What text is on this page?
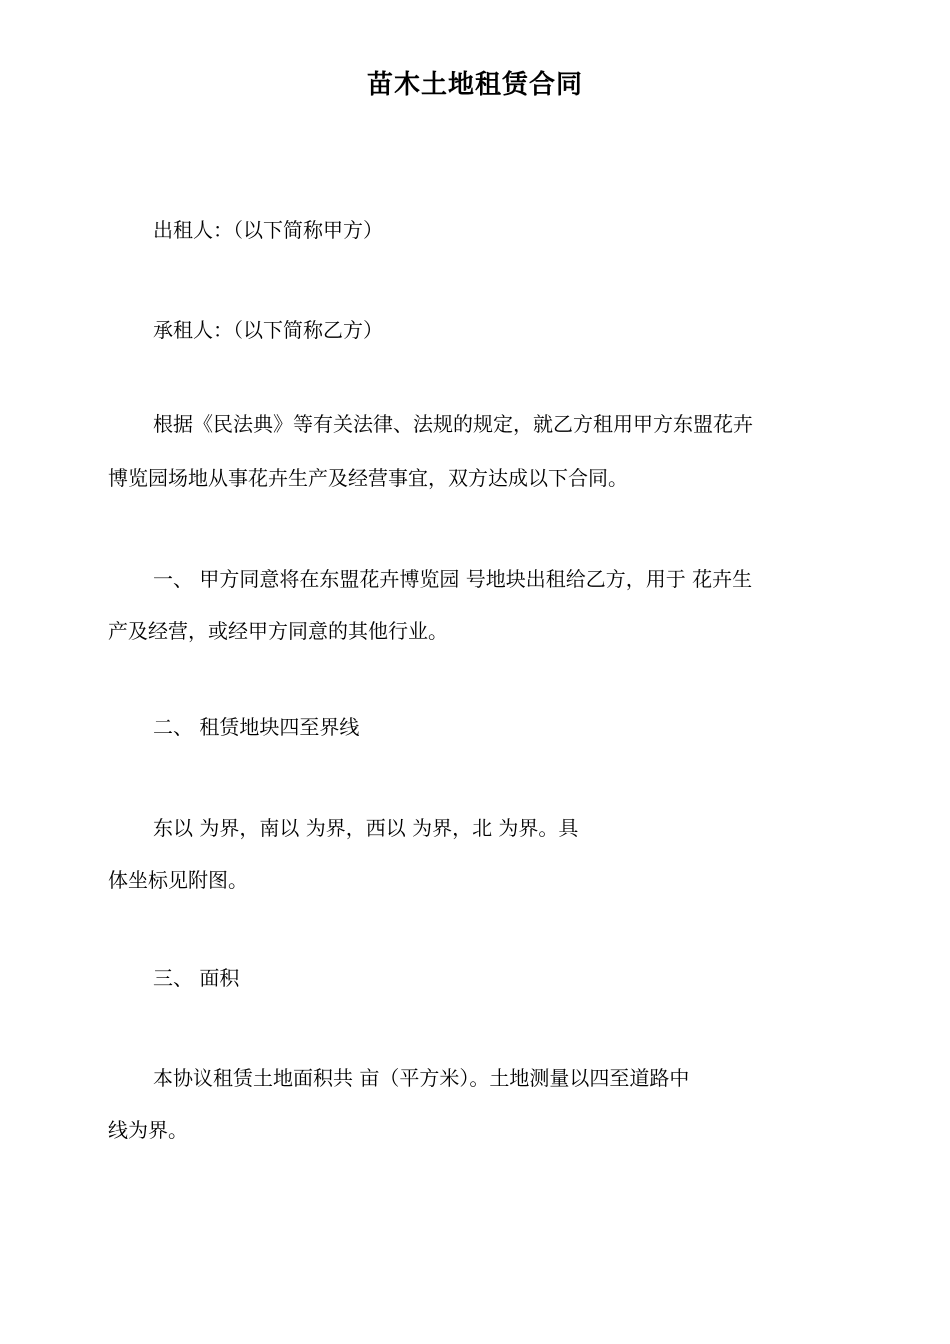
苗木土地租赁合同
出租人：（以下简称甲方）
承租人：（以下简称乙方）
根据《民法典》等有关法律、法规的规定，就乙方租用甲方东盟花卉
博览园场地从事花卉生产及经营事宜，双方达成以下合同。
一、 甲方同意将在东盟花卉博览园 号地块出租给乙方，用于 花卉生
产及经营，或经甲方同意的其他行业。
二、 租赁地块四至界线
东以 为界，南以 为界，西以 为界，北 为界。具
体坐标见附图。
三、 面积
本协议租赁土地面积共 亩（平方米）。土地测量以四至道路中
线为界。
